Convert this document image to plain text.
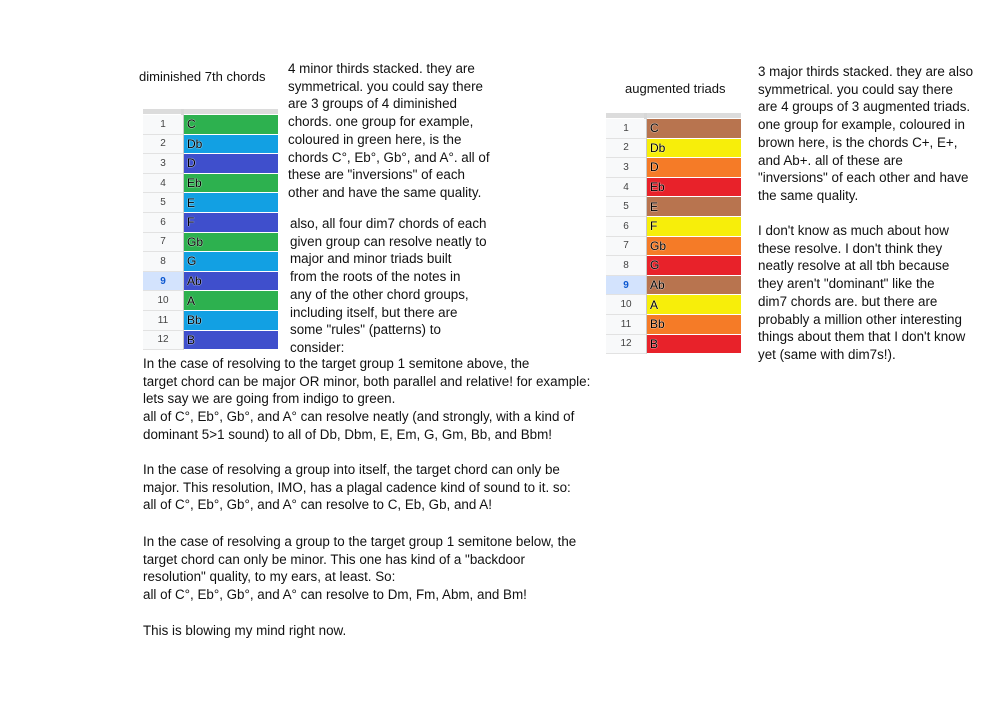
diminished 7th chords
4 minor thirds stacked. they are
symmetrical. you could say there
are 3 groups of 4 diminished
chords. one group for example,
coloured in green here, is the
chords C°, Eb°, Gb°, and A°. all of
these are "inversions" of each
other and have the same quality.
also, all four dim7 chords of each
given group can resolve neatly to
major and minor triads built
from the roots of the notes in
any of the other chord groups,
including itself, but there are
some "rules" (patterns) to
consider:
1	C
2	Db
3	D
4	Eb
5	E
6	F
7	Gb
8	G
9	Ab
10	A
11	Bb
12	B
In the case of resolving to the target group 1 semitone above, the
target chord can be major OR minor, both parallel and relative! for example:
lets say we are going from indigo to green.
all of C°, Eb°, Gb°, and A° can resolve neatly (and strongly, with a kind of
dominant 5>1 sound) to all of Db, Dbm, E, Em, G, Gm, Bb, and Bbm!
In the case of resolving a group into itself, the target chord can only be
major. This resolution, IMO, has a plagal cadence kind of sound to it. so:
all of C°, Eb°, Gb°, and A° can resolve to C, Eb, Gb, and A!
In the case of resolving a group to the target group 1 semitone below, the
target chord can only be minor. This one has kind of a "backdoor
resolution" quality, to my ears, at least. So:
all of C°, Eb°, Gb°, and A° can resolve to Dm, Fm, Abm, and Bm!
This is blowing my mind right now.
augmented triads
3 major thirds stacked. they are also
symmetrical. you could say there
are 4 groups of 3 augmented triads.
one group for example, coloured in
brown here, is the chords C+, E+,
and Ab+. all of these are
"inversions" of each other and have
the same quality.
I don't know as much about how
these resolve. I don't think they
neatly resolve at all tbh because
they aren't "dominant" like the
dim7 chords are. but there are
probably a million other interesting
things about them that I don't know
yet (same with dim7s!).
1	C
2	Db
3	D
4	Eb
5	E
6	F
7	Gb
8	G
9	Ab
10	A
11	Bb
12	B
